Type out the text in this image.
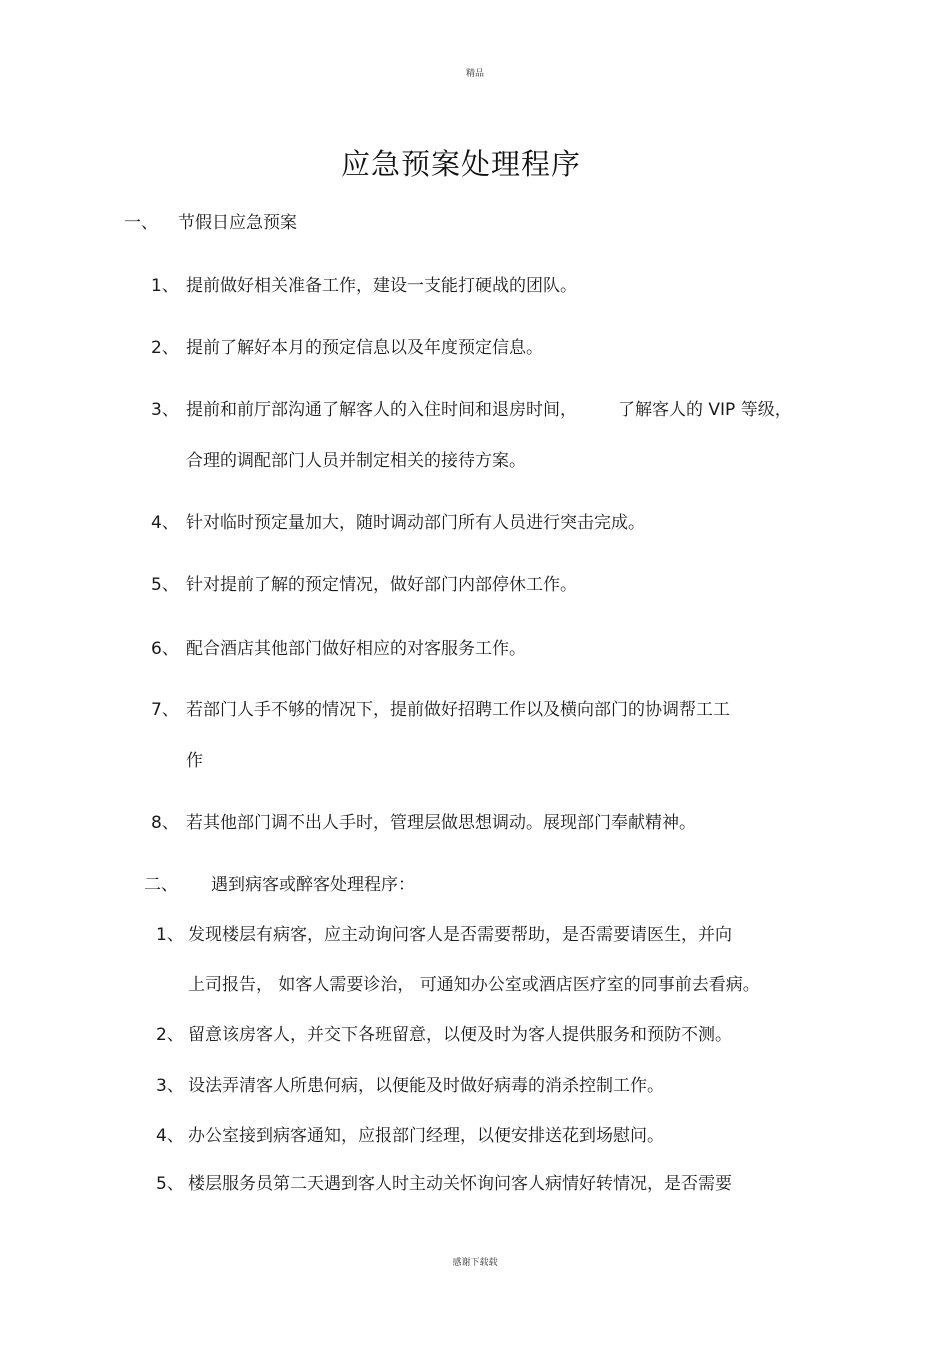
精品
应急预案处理程序
一、 节假日应急预案
1、 提前做好相关准备工作，建设一支能打硬战的团队。
2、 提前了解好本月的预定信息以及年度预定信息。
3、 提前和前厅部沟通了解客人的入住时间和退房时间， 了解客人的 VIP 等级，
合理的调配部门人员并制定相关的接待方案。
4、 针对临时预定量加大，随时调动部门所有人员进行突击完成。
5、 针对提前了解的预定情况，做好部门内部停休工作。
6、 配合酒店其他部门做好相应的对客服务工作。
7、 若部门人手不够的情况下，提前做好招聘工作以及横向部门的协调帮工工
作
8、 若其他部门调不出人手时，管理层做思想调动。展现部门奉献精神。
二、 遇到病客或醉客处理程序：
1、 发现楼层有病客，应主动询问客人是否需要帮助，是否需要请医生，并向
上司报告， 如客人需要诊治， 可通知办公室或酒店医疗室的同事前去看病。
2、 留意该房客人，并交下各班留意，以便及时为客人提供服务和预防不测。
3、 设法弄清客人所患何病，以便能及时做好病毒的消杀控制工作。
4、 办公室接到病客通知，应报部门经理，以便安排送花到场慰问。
5、 楼层服务员第二天遇到客人时主动关怀询问客人病情好转情况，是否需要
感谢下载载
